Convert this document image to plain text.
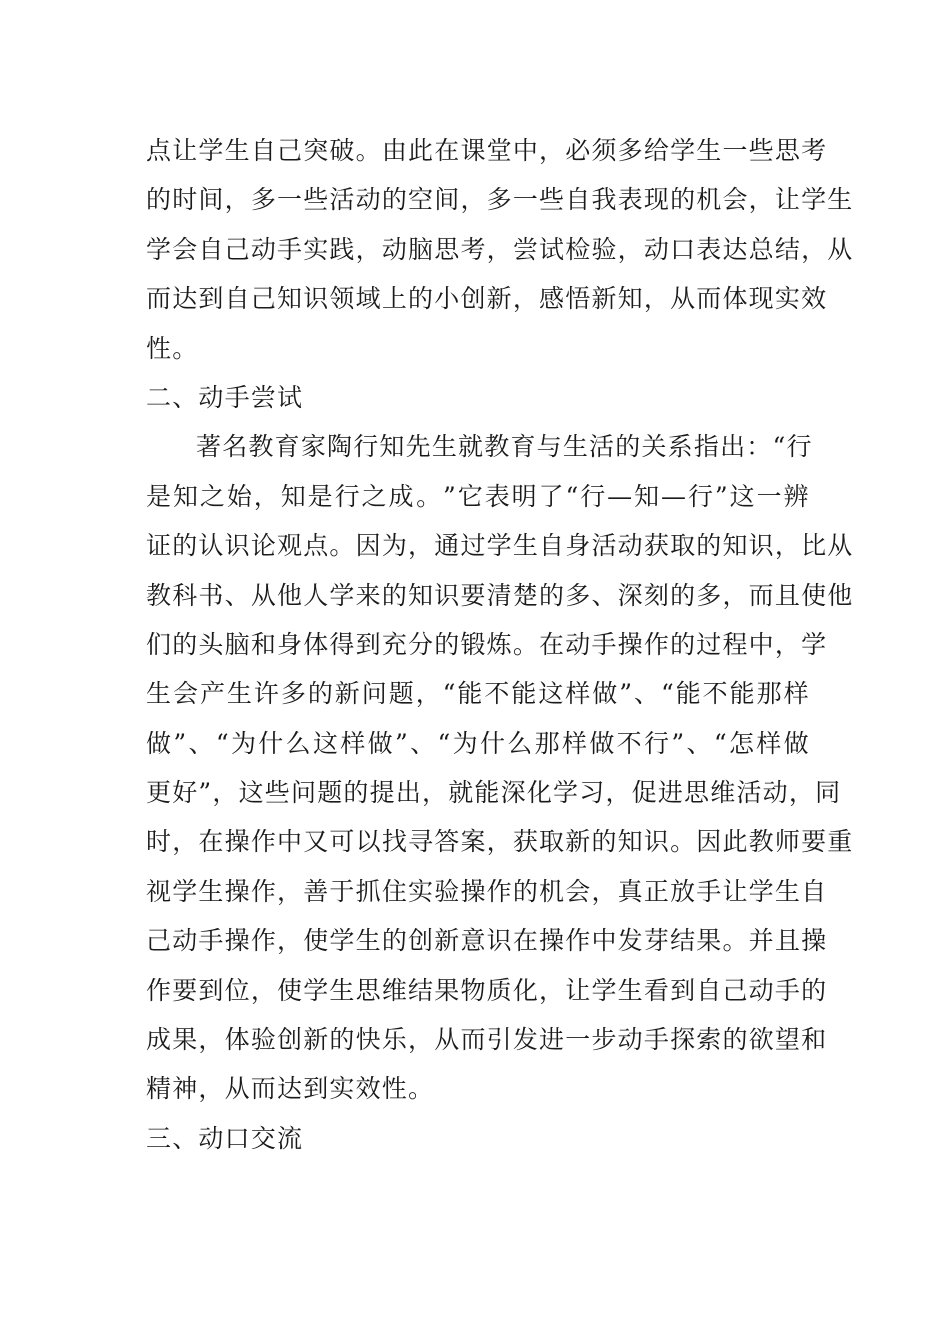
点 让 学 生 自 己 突 破 。 由 此 在 课 堂 中 ， 必 须 多 给 学 生 一 些 思 考
的 时 间 ， 多 一 些 活 动 的 空 间 ， 多 一 些 自 我 表 现 的 机 会 ， 让 学 生
学 会 自 己 动 手 实 践 ， 动 脑 思 考 ， 尝 试 检 验 ， 动 口 表 达 总 结 ， 从
而 达 到 自 己 知 识 领 域 上 的 小 创 新 ， 感 悟 新 知 ， 从 而 体 现 实 效
性。
二、动手尝试
著 名 教 育 家 陶 行 知 先 生 就 教 育 与 生 活 的 关 系 指 出 ： “ 行
是 知 之 始 ， 知 是 行 之 成 。 ” 它 表 明 了 “ 行 — 知 — 行 ” 这 一 辨
证 的 认 识 论 观 点 。 因 为 ， 通 过 学 生 自 身 活 动 获 取 的 知 识 ， 比 从
教 科 书 、 从 他 人 学 来 的 知 识 要 清 楚 的 多 、 深 刻 的 多 ， 而 且 使 他
们 的 头 脑 和 身 体 得 到 充 分 的 锻 炼 。 在 动 手 操 作 的 过 程 中 ， 学
生 会 产 生 许 多 的 新 问 题 ， “ 能 不 能 这 样 做 ” 、 “ 能 不 能 那 样
做 ” 、 “ 为 什 么 这 样 做 ” 、 “ 为 什 么 那 样 做 不 行 ” 、 “ 怎 样 做
更 好 ” ， 这 些 问 题 的 提 出 ， 就 能 深 化 学 习 ， 促 进 思 维 活 动 ， 同
时 ， 在 操 作 中 又 可 以 找 寻 答 案 ， 获 取 新 的 知 识 。 因 此 教 师 要 重
视 学 生 操 作 ， 善 于 抓 住 实 验 操 作 的 机 会 ， 真 正 放 手 让 学 生 自
己 动 手 操 作 ， 使 学 生 的 创 新 意 识 在 操 作 中 发 芽 结 果 。 并 且 操
作 要 到 位 ， 使 学 生 思 维 结 果 物 质 化 ， 让 学 生 看 到 自 己 动 手 的
成 果 ， 体 验 创 新 的 快 乐 ， 从 而 引 发 进 一 步 动 手 探 索 的 欲 望 和
精神，从而达到实效性。
三、动口交流
